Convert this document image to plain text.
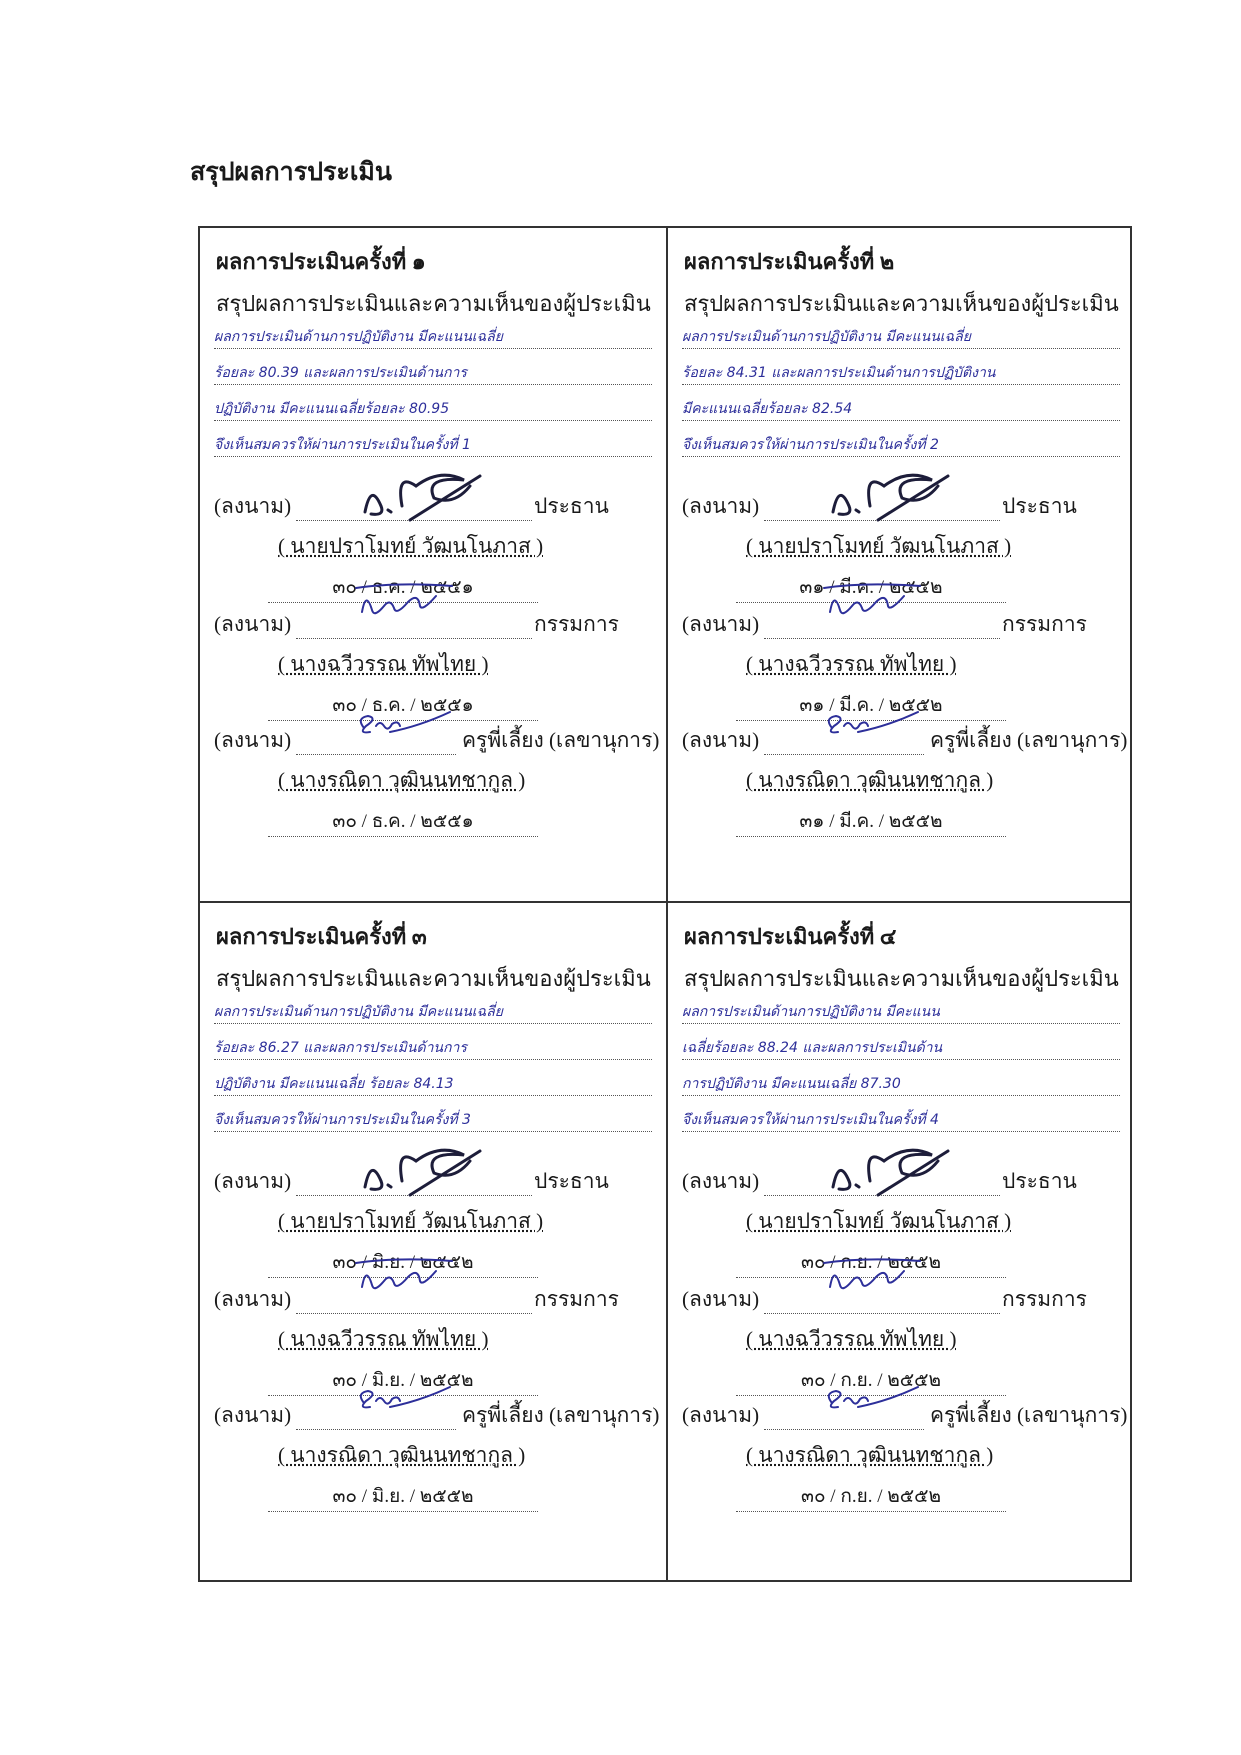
สรุปผลการประเมิน
ผลการประเมินครั้งที่ ๑
สรุปผลการประเมินและความเห็นของผู้ประเมิน
ผลการประเมินด้านการปฏิบัติงาน มีคะแนนเฉลี่ย
ร้อยละ 80.39 และผลการประเมินด้านการ
ปฏิบัติงาน มีคะแนนเฉลี่ยร้อยละ 80.95
จึงเห็นสมควรให้ผ่านการประเมินในครั้งที่ 1
(ลงนาม)	ประธาน
( นายปราโมทย์ วัฒนโนภาส )
๓๐ / ธ.ค. / ๒๕๕๑
(ลงนาม)	กรรมการ
( นางฉวีวรรณ ทัพไทย )
๓๐ / ธ.ค. / ๒๕๕๑
(ลงนาม)	ครูพี่เลี้ยง (เลขานุการ)
( นางรณิดา วุฒินนทชากูล )
๓๐ / ธ.ค. / ๒๕๕๑
ผลการประเมินครั้งที่ ๒
สรุปผลการประเมินและความเห็นของผู้ประเมิน
ผลการประเมินด้านการปฏิบัติงาน มีคะแนนเฉลี่ย
ร้อยละ 84.31 และผลการประเมินด้านการปฏิบัติงาน
มีคะแนนเฉลี่ยร้อยละ 82.54
จึงเห็นสมควรให้ผ่านการประเมินในครั้งที่ 2
(ลงนาม)	ประธาน
( นายปราโมทย์ วัฒนโนภาส )
๓๑ / มี.ค. / ๒๕๕๒
(ลงนาม)	กรรมการ
( นางฉวีวรรณ ทัพไทย )
๓๑ / มี.ค. / ๒๕๕๒
(ลงนาม)	ครูพี่เลี้ยง (เลขานุการ)
( นางรณิดา วุฒินนทชากูล )
๓๑ / มี.ค. / ๒๕๕๒
ผลการประเมินครั้งที่ ๓
สรุปผลการประเมินและความเห็นของผู้ประเมิน
ผลการประเมินด้านการปฏิบัติงาน มีคะแนนเฉลี่ย
ร้อยละ 86.27 และผลการประเมินด้านการ
ปฏิบัติงาน มีคะแนนเฉลี่ย ร้อยละ 84.13
จึงเห็นสมควรให้ผ่านการประเมินในครั้งที่ 3
(ลงนาม)	ประธาน
( นายปราโมทย์ วัฒนโนภาส )
๓๐ / มิ.ย. / ๒๕๕๒
(ลงนาม)	กรรมการ
( นางฉวีวรรณ ทัพไทย )
๓๐ / มิ.ย. / ๒๕๕๒
(ลงนาม)	ครูพี่เลี้ยง (เลขานุการ)
( นางรณิดา วุฒินนทชากูล )
๓๐ / มิ.ย. / ๒๕๕๒
ผลการประเมินครั้งที่ ๔
สรุปผลการประเมินและความเห็นของผู้ประเมิน
ผลการประเมินด้านการปฏิบัติงาน มีคะแนน
เฉลี่ยร้อยละ 88.24 และผลการประเมินด้าน
การปฏิบัติงาน มีคะแนนเฉลี่ย 87.30
จึงเห็นสมควรให้ผ่านการประเมินในครั้งที่ 4
(ลงนาม)	ประธาน
( นายปราโมทย์ วัฒนโนภาส )
๓๐ / ก.ย. / ๒๕๕๒
(ลงนาม)	กรรมการ
( นางฉวีวรรณ ทัพไทย )
๓๐ / ก.ย. / ๒๕๕๒
(ลงนาม)	ครูพี่เลี้ยง (เลขานุการ)
( นางรณิดา วุฒินนทชากูล )
๓๐ / ก.ย. / ๒๕๕๒
